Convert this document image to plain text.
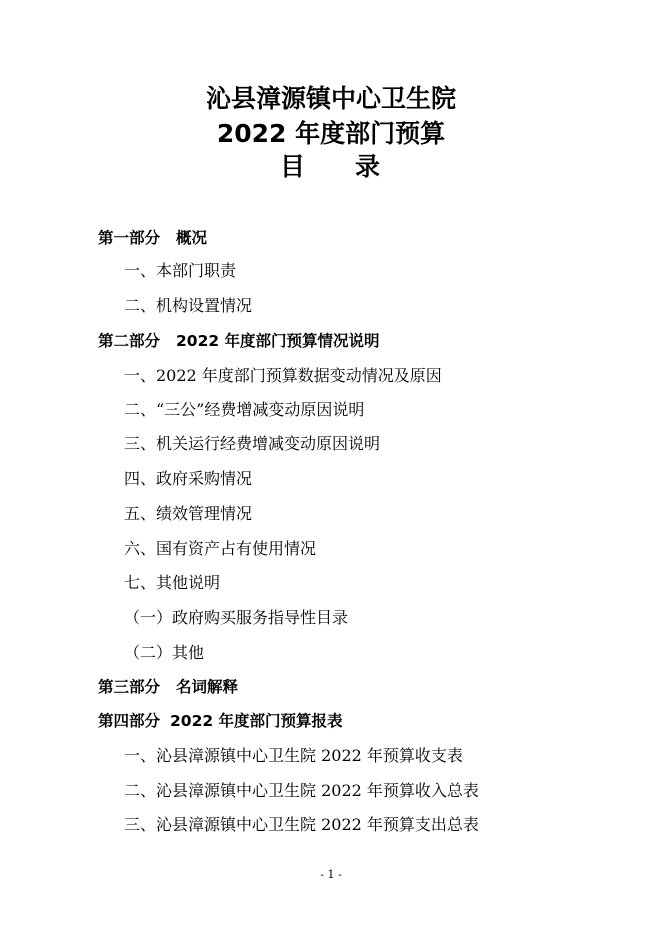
沁县漳源镇中心卫生院
2022 年度部门预算
目 录
第一部分 概况
一、本部门职责
二、机构设置情况
第二部分 2022 年度部门预算情况说明
一、2022 年度部门预算数据变动情况及原因
二、“三公”经费增减变动原因说明
三、机关运行经费增减变动原因说明
四、政府采购情况
五、绩效管理情况
六、国有资产占有使用情况
七、其他说明
（一）政府购买服务指导性目录
（二）其他
第三部分 名词解释
第四部分 2022 年度部门预算报表
一、沁县漳源镇中心卫生院 2022 年预算收支表
二、沁县漳源镇中心卫生院 2022 年预算收入总表
三、沁县漳源镇中心卫生院 2022 年预算支出总表
- 1 -
